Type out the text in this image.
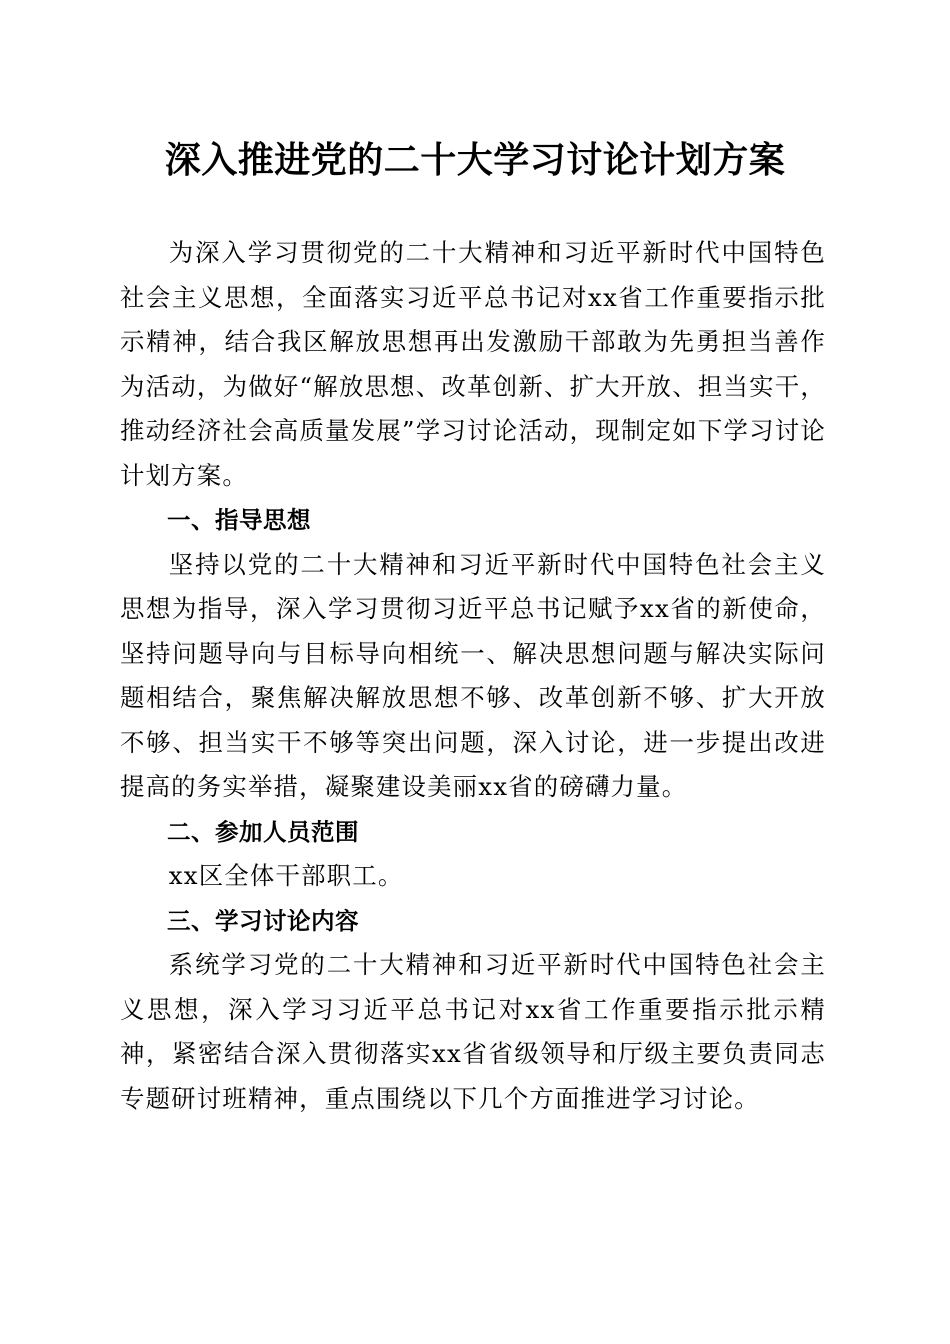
深入推进党的二十大学习讨论计划方案

为深入学习贯彻党的二十大精神和习近平新时代中国特色社会主义思想，全面落实习近平总书记对xx省工作重要指示批示精神，结合我区解放思想再出发激励干部敢为先勇担当善作为活动，为做好“解放思想、改革创新、扩大开放、担当实干，推动经济社会高质量发展”学习讨论活动，现制定如下学习讨论计划方案。

一、指导思想

坚持以党的二十大精神和习近平新时代中国特色社会主义思想为指导，深入学习贯彻习近平总书记赋予xx省的新使命，坚持问题导向与目标导向相统一、解决思想问题与解决实际问题相结合，聚焦解决解放思想不够、改革创新不够、扩大开放不够、担当实干不够等突出问题，深入讨论，进一步提出改进提高的务实举措，凝聚建设美丽xx省的磅礴力量。

二、参加人员范围

xx区全体干部职工。

三、学习讨论内容

系统学习党的二十大精神和习近平新时代中国特色社会主义思想，深入学习习近平总书记对xx省工作重要指示批示精神，紧密结合深入贯彻落实xx省省级领导和厅级主要负责同志专题研讨班精神，重点围绕以下几个方面推进学习讨论。
